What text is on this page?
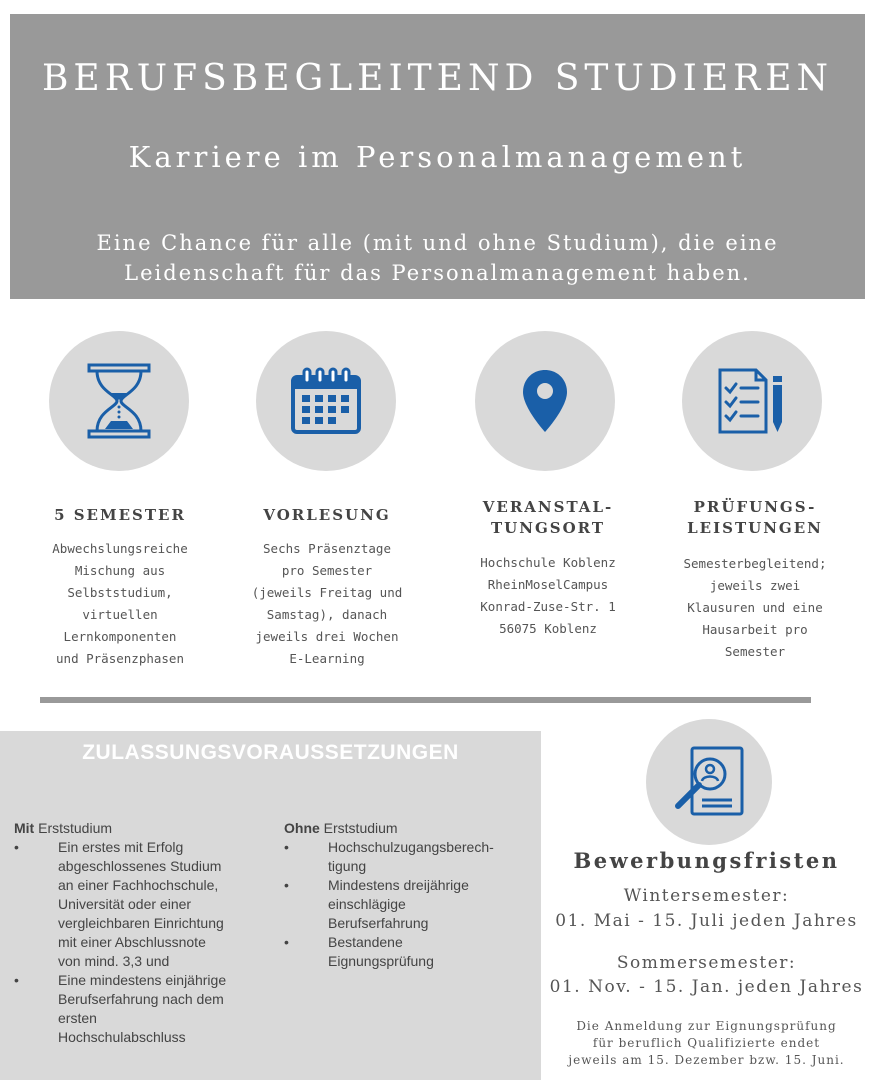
BERUFSBEGLEITEND STUDIEREN
Karriere im Personalmanagement
Eine Chance für alle (mit und ohne Studium), die eine
Leidenschaft für das Personalmanagement haben.
5 SEMESTER
Abwechslungsreiche
Mischung aus
Selbststudium,
virtuellen
Lernkomponenten
und Präsenzphasen
VORLESUNG
Sechs Präsenztage
pro Semester
(jeweils Freitag und
Samstag), danach
jeweils drei Wochen
E-Learning
VERANSTAL-
TUNGSORT
Hochschule Koblenz
RheinMoselCampus
Konrad-Zuse-Str. 1
56075 Koblenz
PRÜFUNGS-
LEISTUNGEN
Semesterbegleitend;
jeweils zwei
Klausuren und eine
Hausarbeit pro
Semester
ZULASSUNGSVORAUSSETZUNGEN
Mit Erststudium
•	Ein erstes mit Erfolg
abgeschlossenes Studium
an einer Fachhochschule,
Universität oder einer
vergleichbaren Einrichtung
mit einer Abschlussnote
von mind. 3,3 und
•	Eine mindestens einjährige
Berufserfahrung nach dem
ersten
Hochschulabschluss
Ohne Erststudium
•	Hochschulzugangsberech-
tigung
•	Mindestens dreijährige
einschlägige
Berufserfahrung
•	Bestandene
Eignungsprüfung
Bewerbungsfristen
Wintersemester:
01. Mai - 15. Juli jeden Jahres
Sommersemester:
01. Nov. - 15. Jan. jeden Jahres
Die Anmeldung zur Eignungsprüfung
für beruflich Qualifizierte endet
jeweils am 15. Dezember bzw. 15. Juni.
